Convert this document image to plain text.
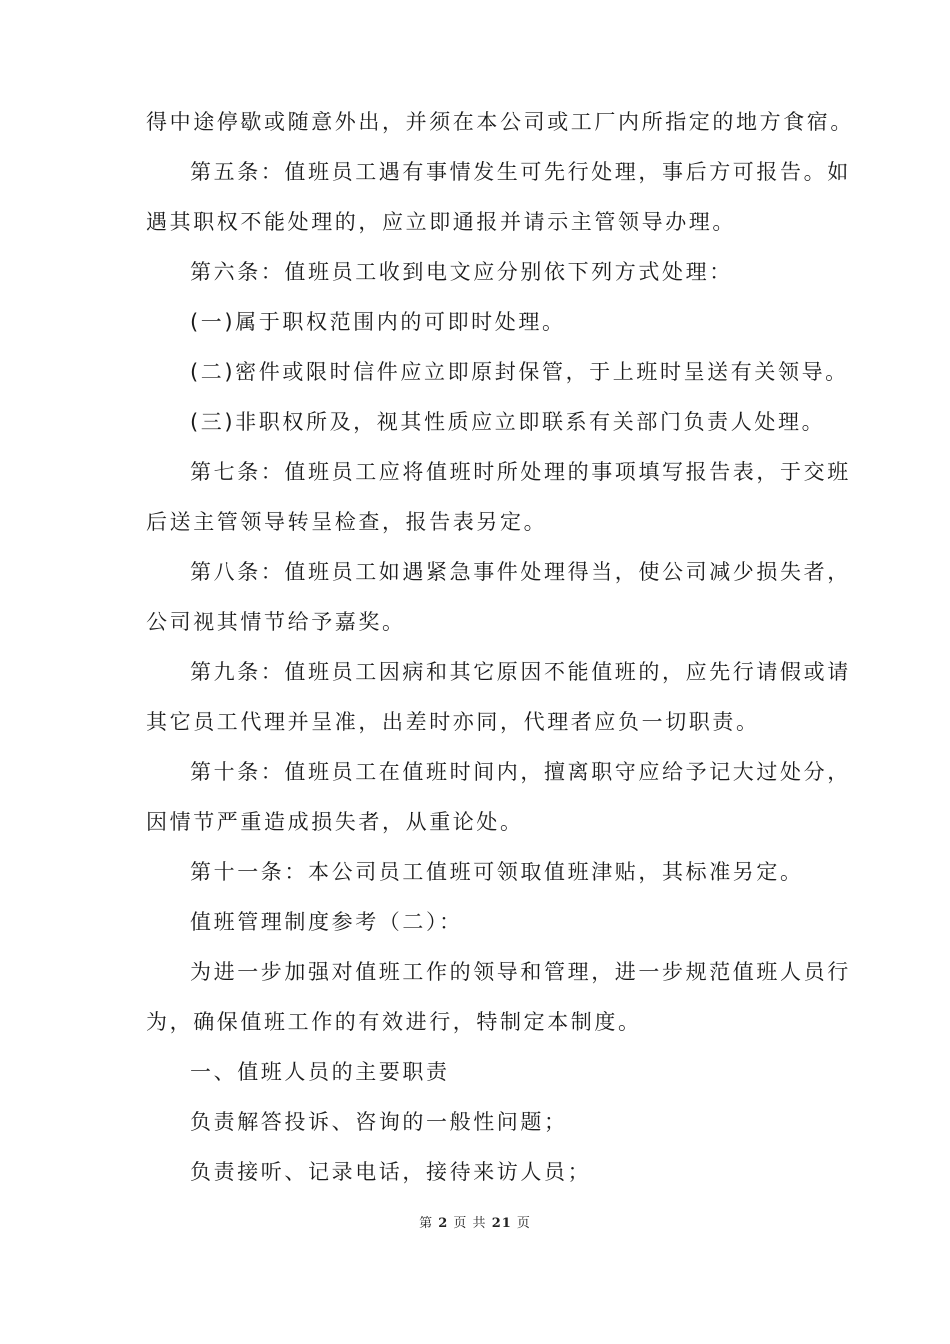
得中途停歇或随意外出，并须在本公司或工厂内所指定的地方食宿。
第五条：值班员工遇有事情发生可先行处理，事后方可报告。如
遇其职权不能处理的，应立即通报并请示主管领导办理。
第六条：值班员工收到电文应分别依下列方式处理：
(一)属于职权范围内的可即时处理。
(二)密件或限时信件应立即原封保管，于上班时呈送有关领导。
(三)非职权所及，视其性质应立即联系有关部门负责人处理。
第七条：值班员工应将值班时所处理的事项填写报告表，于交班
后送主管领导转呈检查，报告表另定。
第八条：值班员工如遇紧急事件处理得当，使公司减少损失者，
公司视其情节给予嘉奖。
第九条：值班员工因病和其它原因不能值班的，应先行请假或请
其它员工代理并呈准，出差时亦同，代理者应负一切职责。
第十条：值班员工在值班时间内，擅离职守应给予记大过处分，
因情节严重造成损失者，从重论处。
第十一条：本公司员工值班可领取值班津贴，其标准另定。
值班管理制度参考（二）：
为进一步加强对值班工作的领导和管理，进一步规范值班人员行
为，确保值班工作的有效进行，特制定本制度。
一、值班人员的主要职责
负责解答投诉、咨询的一般性问题；
负责接听、记录电话，接待来访人员；
第 2 页 共 21 页
